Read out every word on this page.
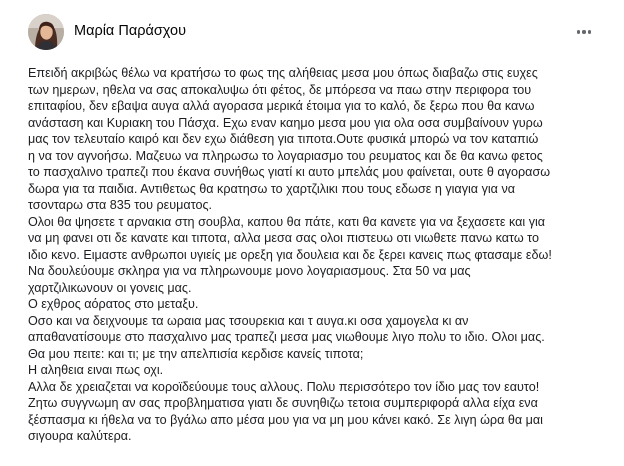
Μαρία Παράσχου
Επειδή ακριβώς θέλω να κρατήσω το φως της αλήθειας μεσα μου όπως διαβαζω στις ευχες
των ημερων, ηθελα να σας αποκαλυψω ότι φέτος, δε μπόρεσα να παω στην περιφορα του
επιταφίου, δεν εβαψα αυγα αλλά αγορασα μερικά έτοιμα για το καλό, δε ξερω που θα κανω
ανάσταση και Κυριακη του Πάσχα. Εχω εναν καημο μεσα μου για ολα οσα συμβαίνουν γυρω
μας τον τελευταίο καιρό και δεν εχω διάθεση για τιποτα.Ουτε φυσικά μπορώ να τον καταπιώ
η να τον αγνοήσω. Μαζευω να πληρωσω το λογαριασμο του ρευματος και δε θα κανω φετος
το πασχαλινο τραπεζι που έκανα συνήθως γιατί κι αυτο μπελάς μου φαίνεται, ουτε θ αγορασω
δωρα για τα παιδια. Αντιθετως θα κρατησω το χαρτζιλικι που τους εδωσε η γιαγια για να
τσονταρω στα 835 του ρευματος.
Ολοι θα ψησετε τ αρνακια στη σουβλα, καπου θα πάτε, κατι θα κανετε για να ξεχασετε και για
να μη φανει οτι δε κανατε και τιποτα, αλλα μεσα σας ολοι πιστευω οτι νιωθετε πανω κατω το
ιδιο κενο. Ειμαστε ανθρωποι υγιείς με ορεξη για δουλεια και δε ξερει κανεις πως φτασαμε εδω!
Να δουλεύουμε σκληρα για να πληρωνουμε μονο λογαριασμους. Στα 50 να μας
χαρτζιλικωνουν οι γονεις μας.
Ο εχθρος αόρατος στο μεταξυ.
Οσο και να δειχνουμε τα ωραια μας τσουρεκια και τ αυγα.κι οσα χαμογελα κι αν
απαθανατίσουμε στο πασχαλινο μας τραπεζι μεσα μας νιωθουμε λιγο πολυ το ιδιο. Ολοι μας.
Θα μου πειτε: και τι; με την απελπισία κερδισε κανείς τιποτα;
Η αληθεια ειναι πως οχι.
Αλλα δε χρειαζεται να κοροϊδεύουμε τους αλλους. Πολυ περισσότερο τον ίδιο μας τον εαυτο!
Ζητω συγγνωμη αν σας προβληματισα γιατι δε συνηθιζω τετοια συμπεριφορά αλλα είχα ενα
ξέσπασμα κι ήθελα να το βγάλω απο μέσα μου για να μη μου κάνει κακό. Σε λιγη ώρα θα μαι
σιγουρα καλύτερα.
